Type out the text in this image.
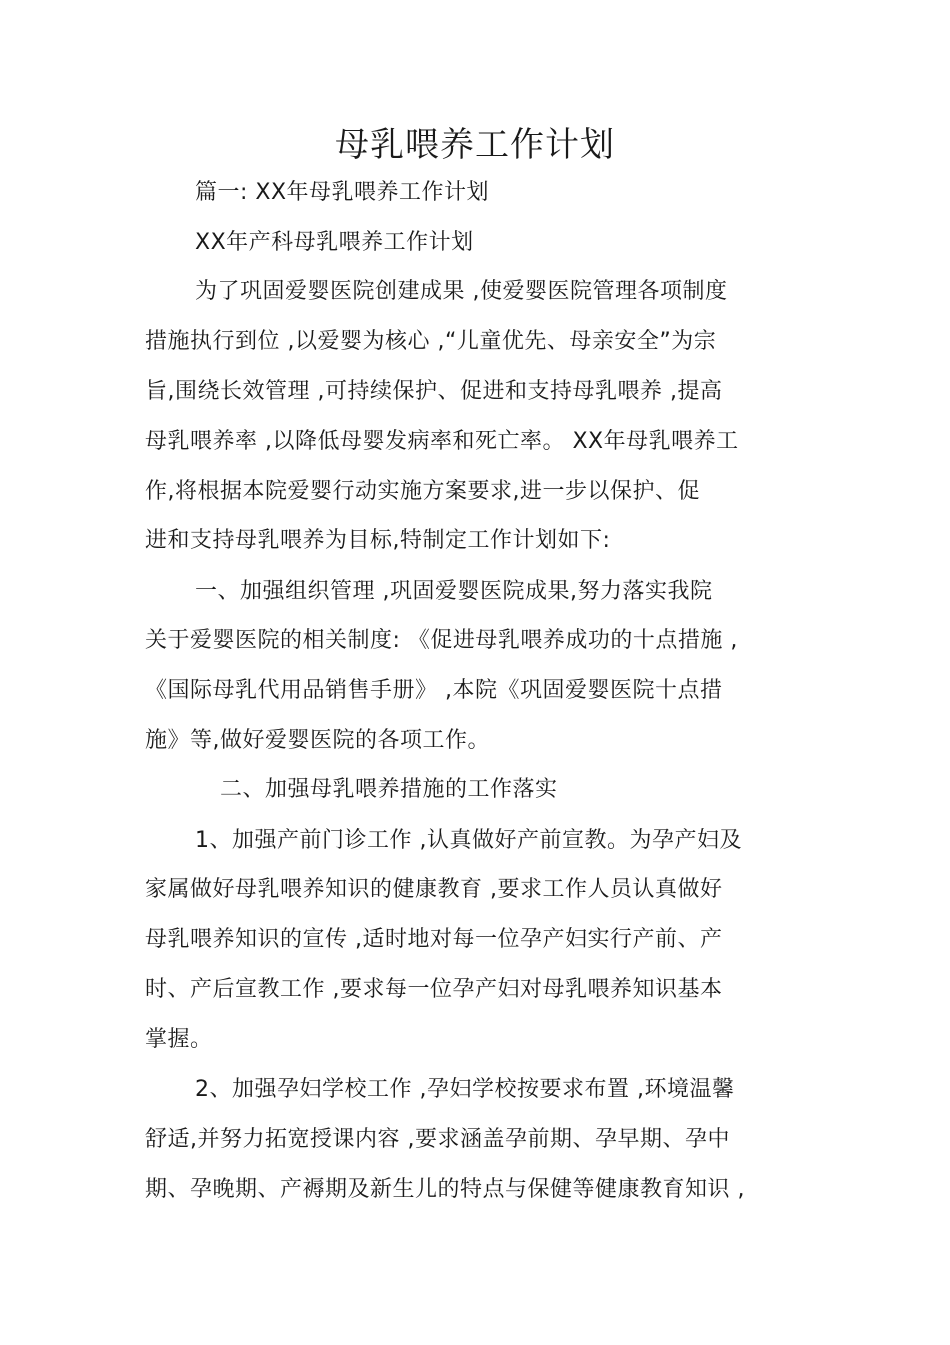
母乳喂养工作计划
篇一: XX年母乳喂养工作计划
XX年产科母乳喂养工作计划
为了巩固爱婴医院创建成果 ,使爱婴医院管理各项制度
措施执行到位 ,以爱婴为核心 ,“儿童优先、母亲安全”为宗
旨,围绕长效管理 ,可持续保护、促进和支持母乳喂养 ,提高
母乳喂养率 ,以降低母婴发病率和死亡率。 XX年母乳喂养工
作,将根据本院爱婴行动实施方案要求,进一步以保护、促
进和支持母乳喂养为目标,特制定工作计划如下:
一、加强组织管理 ,巩固爱婴医院成果,努力落实我院
关于爱婴医院的相关制度: 《促进母乳喂养成功的十点措施 ,
《国际母乳代用品销售手册》 ,本院《巩固爱婴医院十点措
施》等,做好爱婴医院的各项工作。
二、加强母乳喂养措施的工作落实
1、加强产前门诊工作 ,认真做好产前宣教。为孕产妇及
家属做好母乳喂养知识的健康教育 ,要求工作人员认真做好
母乳喂养知识的宣传 ,适时地对每一位孕产妇实行产前、产
时、产后宣教工作 ,要求每一位孕产妇对母乳喂养知识基本
掌握。
2、加强孕妇学校工作 ,孕妇学校按要求布置 ,环境温馨
舒适,并努力拓宽授课内容 ,要求涵盖孕前期、孕早期、孕中
期、孕晚期、产褥期及新生儿的特点与保健等健康教育知识 ,
